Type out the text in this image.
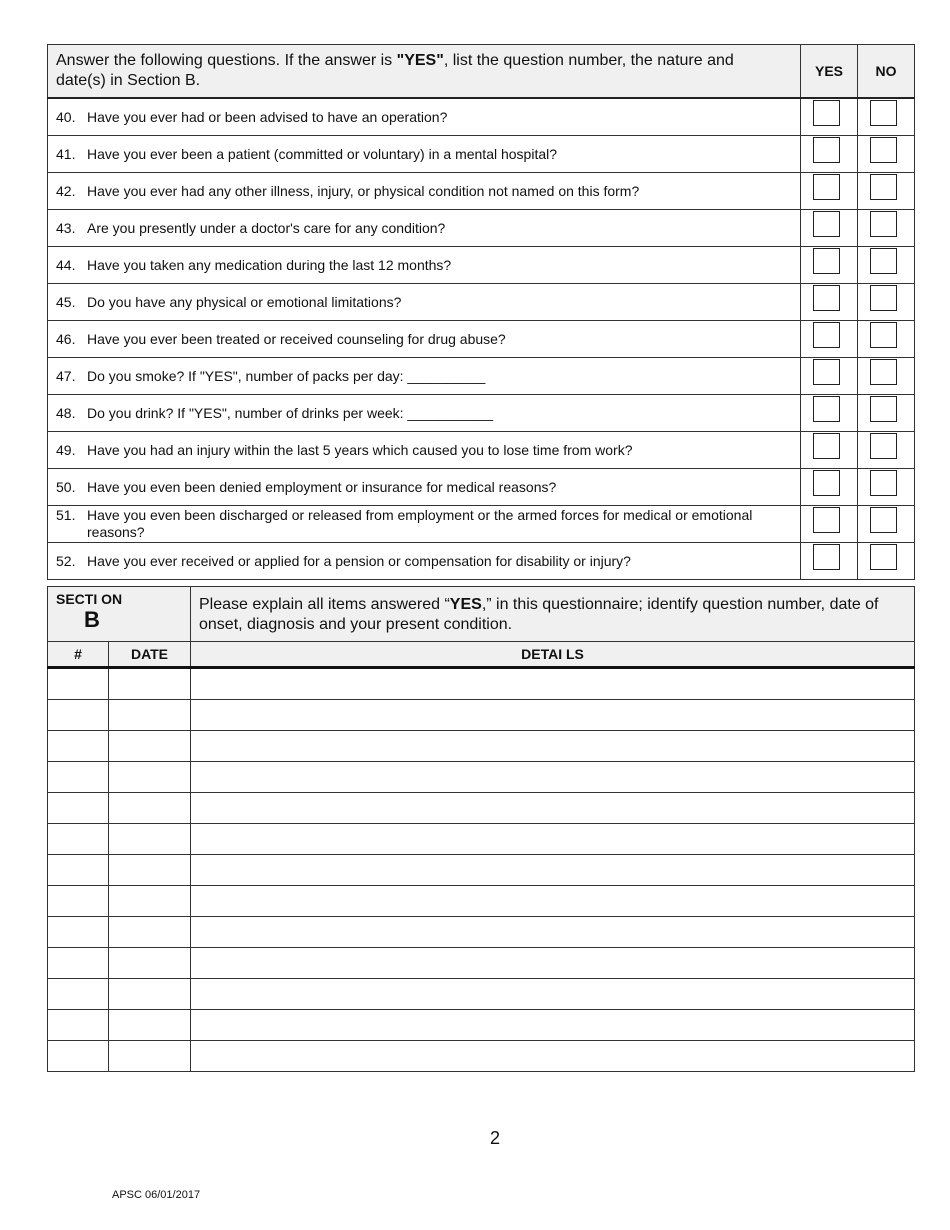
Answer the following questions. If the answer is "YES", list the question number, the nature and date(s) in Section B.	YES	NO

40. Have you ever had or been advised to have an operation?		

41. Have you ever been a patient (committed or voluntary) in a mental hospital?		

42. Have you ever had any other illness, injury, or physical condition not named on this form?		

43. Are you presently under a doctor's care for any condition?		

44. Have you taken any medication during the last 12 months?		

45. Do you have any physical or emotional limitations?		

46. Have you ever been treated or received counseling for drug abuse?		

47. Do you smoke? If "YES", number of packs per day: __________		

48. Do you drink? If "YES", number of drinks per week: ___________		

49. Have you had an injury within the last 5 years which caused you to lose time from work?		

50. Have you even been denied employment or insurance for medical reasons?		

51. Have you even been discharged or released from employment or the armed forces for medical or emotional reasons?		

52. Have you ever received or applied for a pension or compensation for disability or injury?		

SECTI ON
B		Please explain all items answered “YES,” in this questionnaire; identify question number, date of onset, diagnosis and your present condition.

#	DATE	DETAI LS

2
APSC 06/01/2017
